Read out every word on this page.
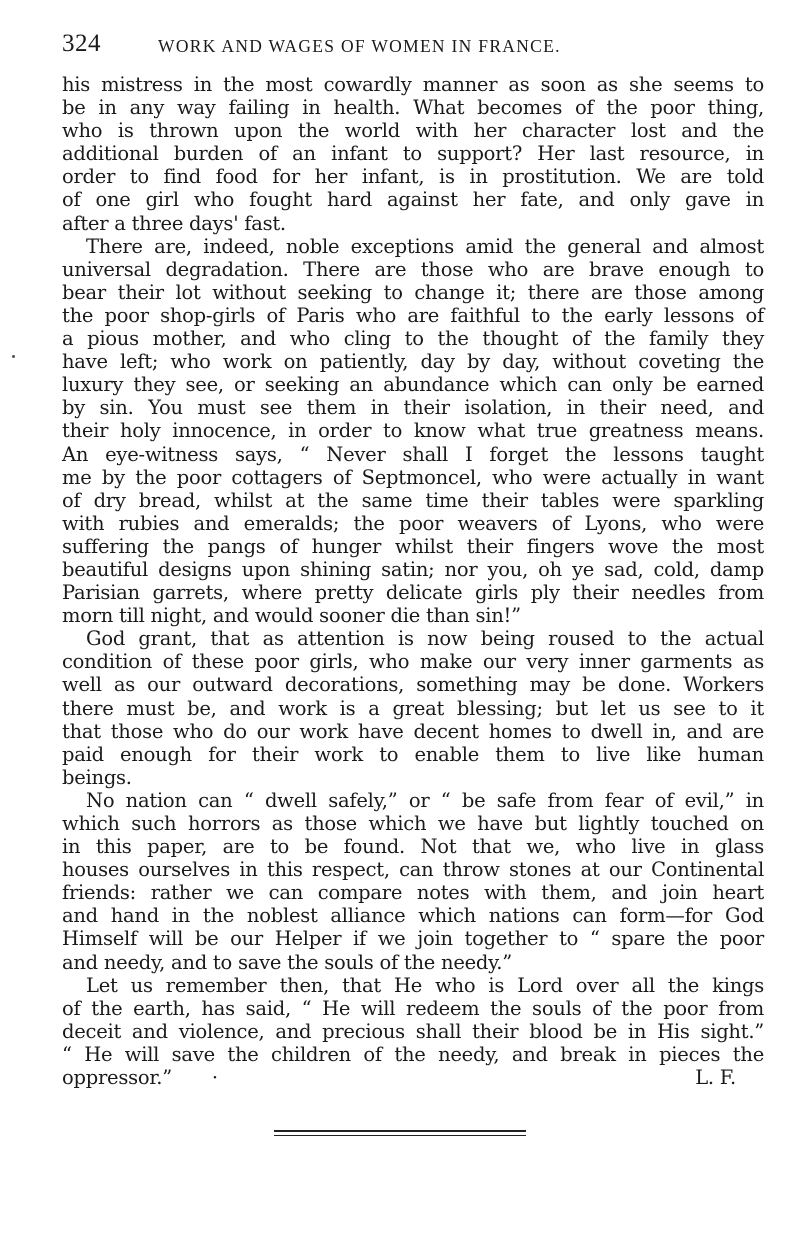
324	WORK AND WAGES OF WOMEN IN FRANCE.
his mistress in the most cowardly manner as soon as she seems to
be in any way failing in health. What becomes of the poor thing,
who is thrown upon the world with her character lost and the
additional burden of an infant to support? Her last resource, in
order to find food for her infant, is in prostitution. We are told
of one girl who fought hard against her fate, and only gave in
after a three days' fast.
There are, indeed, noble exceptions amid the general and almost
universal degradation. There are those who are brave enough to
bear their lot without seeking to change it; there are those among
the poor shop-girls of Paris who are faithful to the early lessons of
a pious mother, and who cling to the thought of the family they
have left; who work on patiently, day by day, without coveting the
luxury they see, or seeking an abundance which can only be earned
by sin. You must see them in their isolation, in their need, and
their holy innocence, in order to know what true greatness means.
An eye-witness says, “ Never shall I forget the lessons taught
me by the poor cottagers of Septmoncel, who were actually in want
of dry bread, whilst at the same time their tables were sparkling
with rubies and emeralds; the poor weavers of Lyons, who were
suffering the pangs of hunger whilst their fingers wove the most
beautiful designs upon shining satin; nor you, oh ye sad, cold, damp
Parisian garrets, where pretty delicate girls ply their needles from
morn till night, and would sooner die than sin!”
God grant, that as attention is now being roused to the actual
condition of these poor girls, who make our very inner garments as
well as our outward decorations, something may be done. Workers
there must be, and work is a great blessing; but let us see to it
that those who do our work have decent homes to dwell in, and are
paid enough for their work to enable them to live like human
beings.
No nation can “ dwell safely,” or “ be safe from fear of evil,” in
which such horrors as those which we have but lightly touched on
in this paper, are to be found. Not that we, who live in glass
houses ourselves in this respect, can throw stones at our Continental
friends: rather we can compare notes with them, and join heart
and hand in the noblest alliance which nations can form—for God
Himself will be our Helper if we join together to “ spare the poor
and needy, and to save the souls of the needy.”
Let us remember then, that He who is Lord over all the kings
of the earth, has said, “ He will redeem the souls of the poor from
deceit and violence, and precious shall their blood be in His sight.”
“ He will save the children of the needy, and break in pieces the
oppressor.” ·	L. F.
